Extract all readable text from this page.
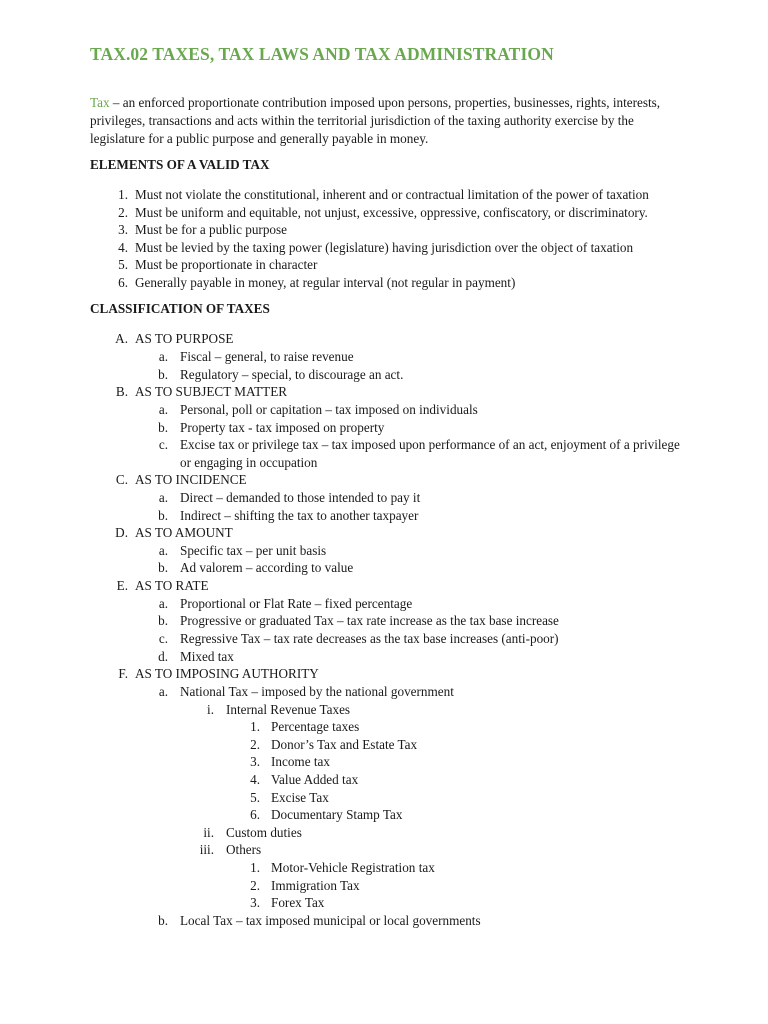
TAX.02 TAXES, TAX LAWS AND TAX ADMINISTRATION
Tax – an enforced proportionate contribution imposed upon persons, properties, businesses, rights, interests, privileges, transactions and acts within the territorial jurisdiction of the taxing authority exercise by the legislature for a public purpose and generally payable in money.
ELEMENTS OF A VALID TAX
1. Must not violate the constitutional, inherent and or contractual limitation of the power of taxation
2. Must be uniform and equitable, not unjust, excessive, oppressive, confiscatory, or discriminatory.
3. Must be for a public purpose
4. Must be levied by the taxing power (legislature) having jurisdiction over the object of taxation
5. Must be proportionate in character
6. Generally payable in money, at regular interval (not regular in payment)
CLASSIFICATION OF TAXES
A. AS TO PURPOSE
a. Fiscal – general, to raise revenue
b. Regulatory – special, to discourage an act.
B. AS TO SUBJECT MATTER
a. Personal, poll or capitation – tax imposed on individuals
b. Property tax - tax imposed on property
c. Excise tax or privilege tax – tax imposed upon performance of an act, enjoyment of a privilege or engaging in occupation
C. AS TO INCIDENCE
a. Direct – demanded to those intended to pay it
b. Indirect – shifting the tax to another taxpayer
D. AS TO AMOUNT
a. Specific tax – per unit basis
b. Ad valorem – according to value
E. AS TO RATE
a. Proportional or Flat Rate – fixed percentage
b. Progressive or graduated Tax – tax rate increase as the tax base increase
c. Regressive Tax – tax rate decreases as the tax base increases (anti-poor)
d. Mixed tax
F. AS TO IMPOSING AUTHORITY
a. National Tax – imposed by the national government
i. Internal Revenue Taxes
1. Percentage taxes
2. Donor’s Tax and Estate Tax
3. Income tax
4. Value Added tax
5. Excise Tax
6. Documentary Stamp Tax
ii. Custom duties
iii. Others
1. Motor-Vehicle Registration tax
2. Immigration Tax
3. Forex Tax
b. Local Tax – tax imposed municipal or local governments
